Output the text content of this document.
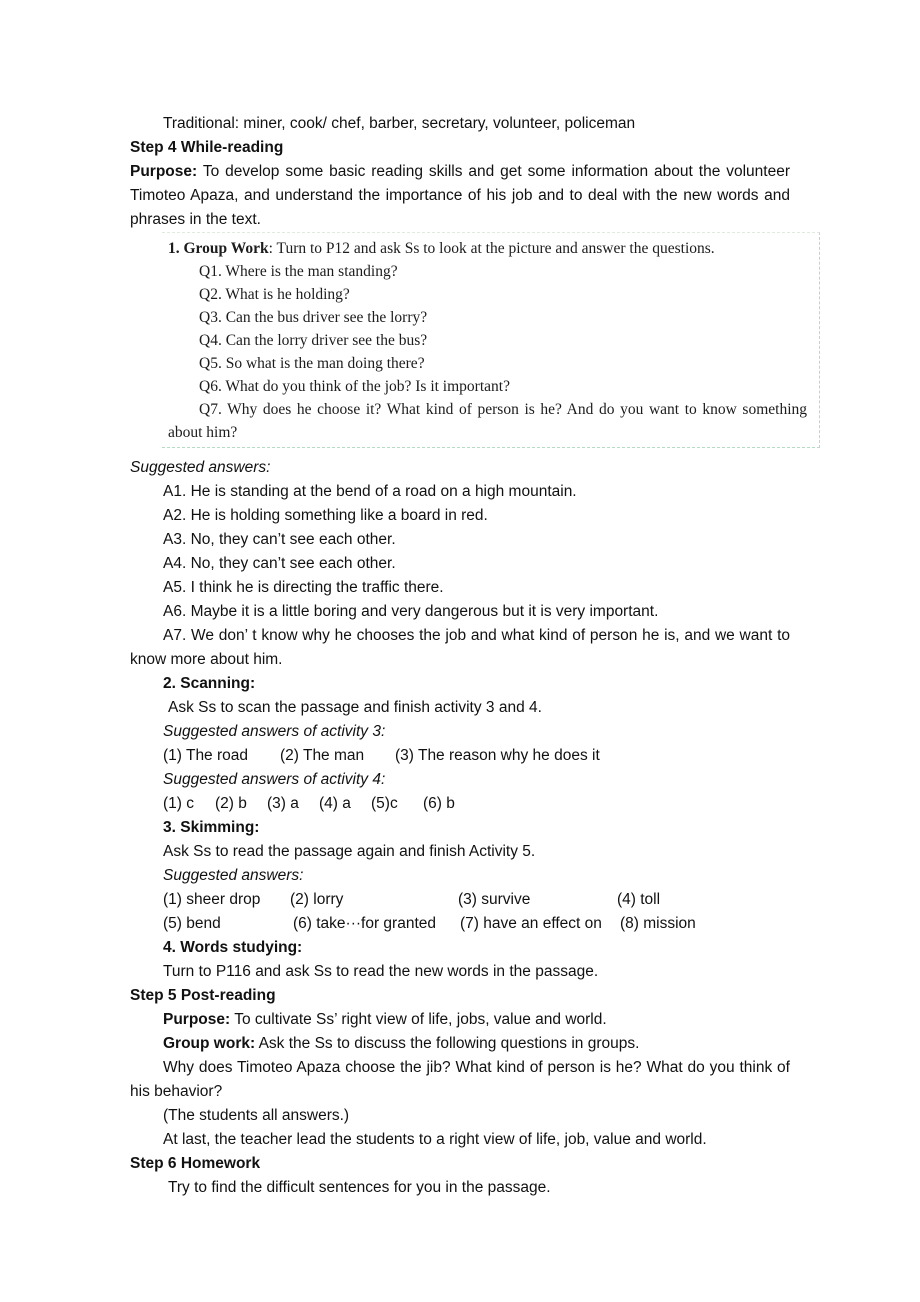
Traditional: miner, cook/ chef, barber, secretary, volunteer, policeman

Step 4 While-reading

Purpose: To develop some basic reading skills and get some information about the volunteer Timoteo Apaza, and understand the importance of his job and to deal with the new words and phrases in the text.

1. Group Work: Turn to P12 and ask Ss to look at the picture and answer the questions.

Q1. Where is the man standing?

Q2. What is he holding?

Q3. Can the bus driver see the lorry?

Q4. Can the lorry driver see the bus?

Q5. So what is the man doing there?

Q6. What do you think of the job? Is it important?

Q7. Why does he choose it? What kind of person is he? And do you want to know something about him?

Suggested answers:

A1. He is standing at the bend of a road on a high mountain.

A2. He is holding something like a board in red.

A3. No, they can’t see each other.

A4. No, they can’t see each other.

A5. I think he is directing the traffic there.

A6. Maybe it is a little boring and very dangerous but it is very important.

A7. We don’ t know why he chooses the job and what kind of person he is, and we want to know more about him.

2. Scanning:

Ask Ss to scan the passage and finish activity 3 and 4.

Suggested answers of activity 3:

(1) The road (2) The man (3) The reason why he does it

Suggested answers of activity 4:

(1) c (2) b (3) a (4) a (5)c (6) b

3. Skimming:

Ask Ss to read the passage again and finish Activity 5.

Suggested answers:

(1) sheer drop (2) lorry	(3) survive	(4) toll

(5) bend	(6) take···for granted (7) have an effect on (8) mission

4. Words studying:

Turn to P116 and ask Ss to read the new words in the passage.

Step 5 Post-reading

Purpose: To cultivate Ss’ right view of life, jobs, value and world.

Group work: Ask the Ss to discuss the following questions in groups.

Why does Timoteo Apaza choose the jib? What kind of person is he? What do you think of his behavior?

(The students all answers.)

At last, the teacher lead the students to a right view of life, job, value and world.

Step 6 Homework

Try to find the difficult sentences for you in the passage.
